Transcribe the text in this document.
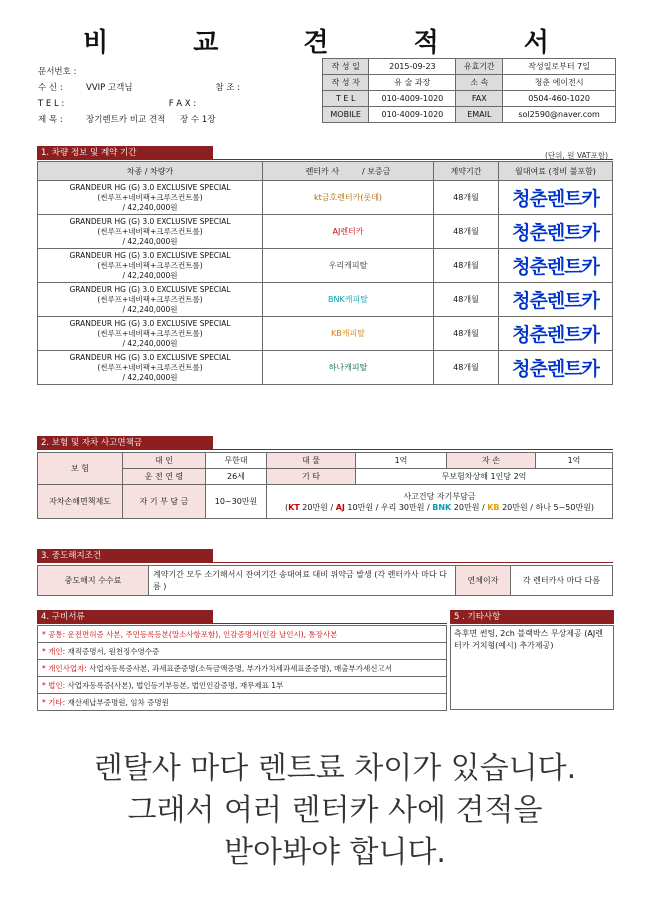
비 교 견 적 서
문서번호 :
수 신 :	VVIP 고객님	참 조 :
T E L :	F A X :
제 목 :	장기렌트카 비교 견적 장 수 1장
작 성 일	2015-09-23	유효기간	작성일로부터 7일
작 성 자	유 술 과장	소 속	청춘 에이전시
T E L	010-4009-1020	FAX	0504-460-1020
MOBILE	010-4009-1020	EMAIL	sol2590@naver.com
1. 차량 정보 및 계약 기간	(단위, 원 VAT포함)
차종 / 차량가	렌터카 사 / 보증금	계약기간	월대여료 (정비 불포함)

GRANDEUR HG (G) 3.0 EXCLUSIVE SPECIAL
(썬루프+네비팩+크루즈컨트롤)
/ 42,240,000원	kt금호렌터카(롯데)	48개월	청춘렌트카

GRANDEUR HG (G) 3.0 EXCLUSIVE SPECIAL
(썬루프+네비팩+크루즈컨트롤)
/ 42,240,000원	AJ렌터카	48개월	청춘렌트카

GRANDEUR HG (G) 3.0 EXCLUSIVE SPECIAL
(썬루프+네비팩+크루즈컨트롤)
/ 42,240,000원	우리캐피탈	48개월	청춘렌트카

GRANDEUR HG (G) 3.0 EXCLUSIVE SPECIAL
(썬루프+네비팩+크루즈컨트롤)
/ 42,240,000원	BNK캐피탈	48개월	청춘렌트카

GRANDEUR HG (G) 3.0 EXCLUSIVE SPECIAL
(썬루프+네비팩+크루즈컨트롤)
/ 42,240,000원	KB캐피탈	48개월	청춘렌트카

GRANDEUR HG (G) 3.0 EXCLUSIVE SPECIAL
(썬루프+네비팩+크루즈컨트롤)
/ 42,240,000원	하나캐피탈	48개월	청춘렌트카
2. 보험 및 자차 사고면책금
보 험	대 인	무한대	대 물	1억	자 손	1억
	운 전 연 령	26세	기 타	무보험차상해 1인당 2억		
자차손해면책제도	자 기 부 담 금	10~30만원	사고건당 자기부담금
(KT 20만원 / AJ 10만원 / 우리 30만원 / BNK 20만원 / KB 20만원 / 하나 5~50만원)			
3. 중도해지조건
중도해지 수수료	계약기간 모두 소기해서시 잔여기간 송대여료 대비 위약금 발생 (각 렌터카사 마다 다름 )	연체이자	각 렌터카사 마다 다름
4. 구비서류
* 공통: 운전면허증 사본, 주민등록등본(말소사항포함), 인감증명서(인감 날인시), 통장사본
* 개인: 재직증명서, 원천징수영수증
* 개인사업자: 사업자등록증사본, 과세표준증명(소득금액증명, 부가가치세과세표준증명), 매출부가세신고서
* 법인: 사업자등록증(사본), 법인등기부등본, 법인인감증명, 재무제표 1부
* 기타: 재산세납부증명원, 임차 증명원
5 . 기타사항
측후면 썬팅, 2ch 블랙박스 무상제공 (AJ렌터카 거치형(예시) 추가제공)
렌탈사 마다 렌트료 차이가 있습니다.
그래서 여러 렌터카 사에 견적을
받아봐야 합니다.
